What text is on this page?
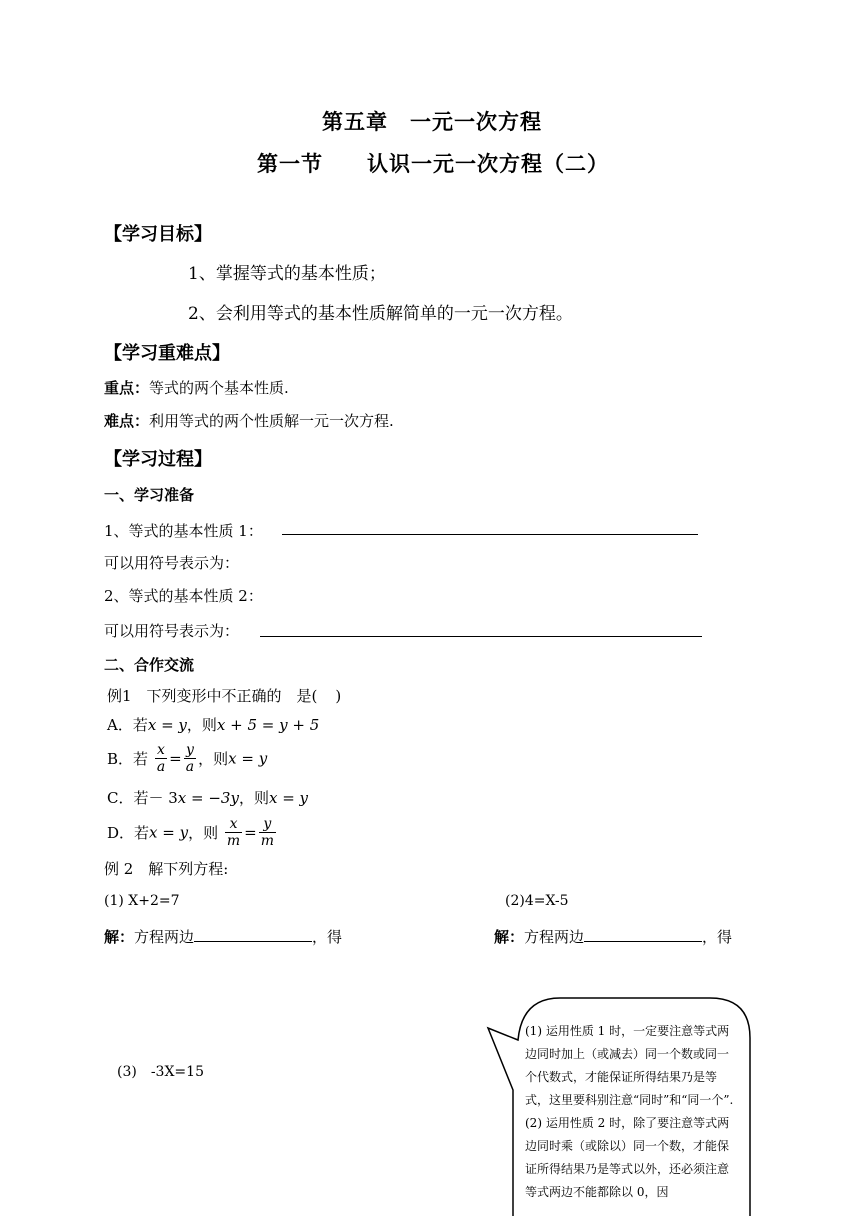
第五章　一元一次方程
第一节　　认识一元一次方程（二）
【学习目标】
1、掌握等式的基本性质；
2、会利用等式的基本性质解简单的一元一次方程。
【学习重难点】
重点：等式的两个基本性质.
难点：利用等式的两个性质解一元一次方程.
【学习过程】
一、学习准备
1、等式的基本性质 1：
可以用符号表示为：
2、等式的基本性质 2：
可以用符号表示为：
二、合作交流
例1　下列变形中不正确的　是( )
A．若x = y，则x + 5 = y + 5
B．若 $\frac{x}{a} = \frac{y}{a}$ ，则x = y
C．若－ 3x = −3y，则x = y
D．若x = y，则 $\frac{x}{m} = \frac{y}{m}$
例 2　解下列方程:
(1) X+2=7	(2)4=X-5
解：方程两边	，得	解：方程两边	，得
(3)　-3X=15

(1) 运用性质 1 时，一定要注意等式两边同时加上（或减去）同一个数或同一个代数式，才能保证所得结果乃是等式，这里要科别注意“同时”和“同一个”.

(2) 运用性质 2 时，除了要注意等式两边同时乘（或除以）同一个数，才能保证所得结果乃是等式以外，还必须注意等式两边不能都除以 0，因
